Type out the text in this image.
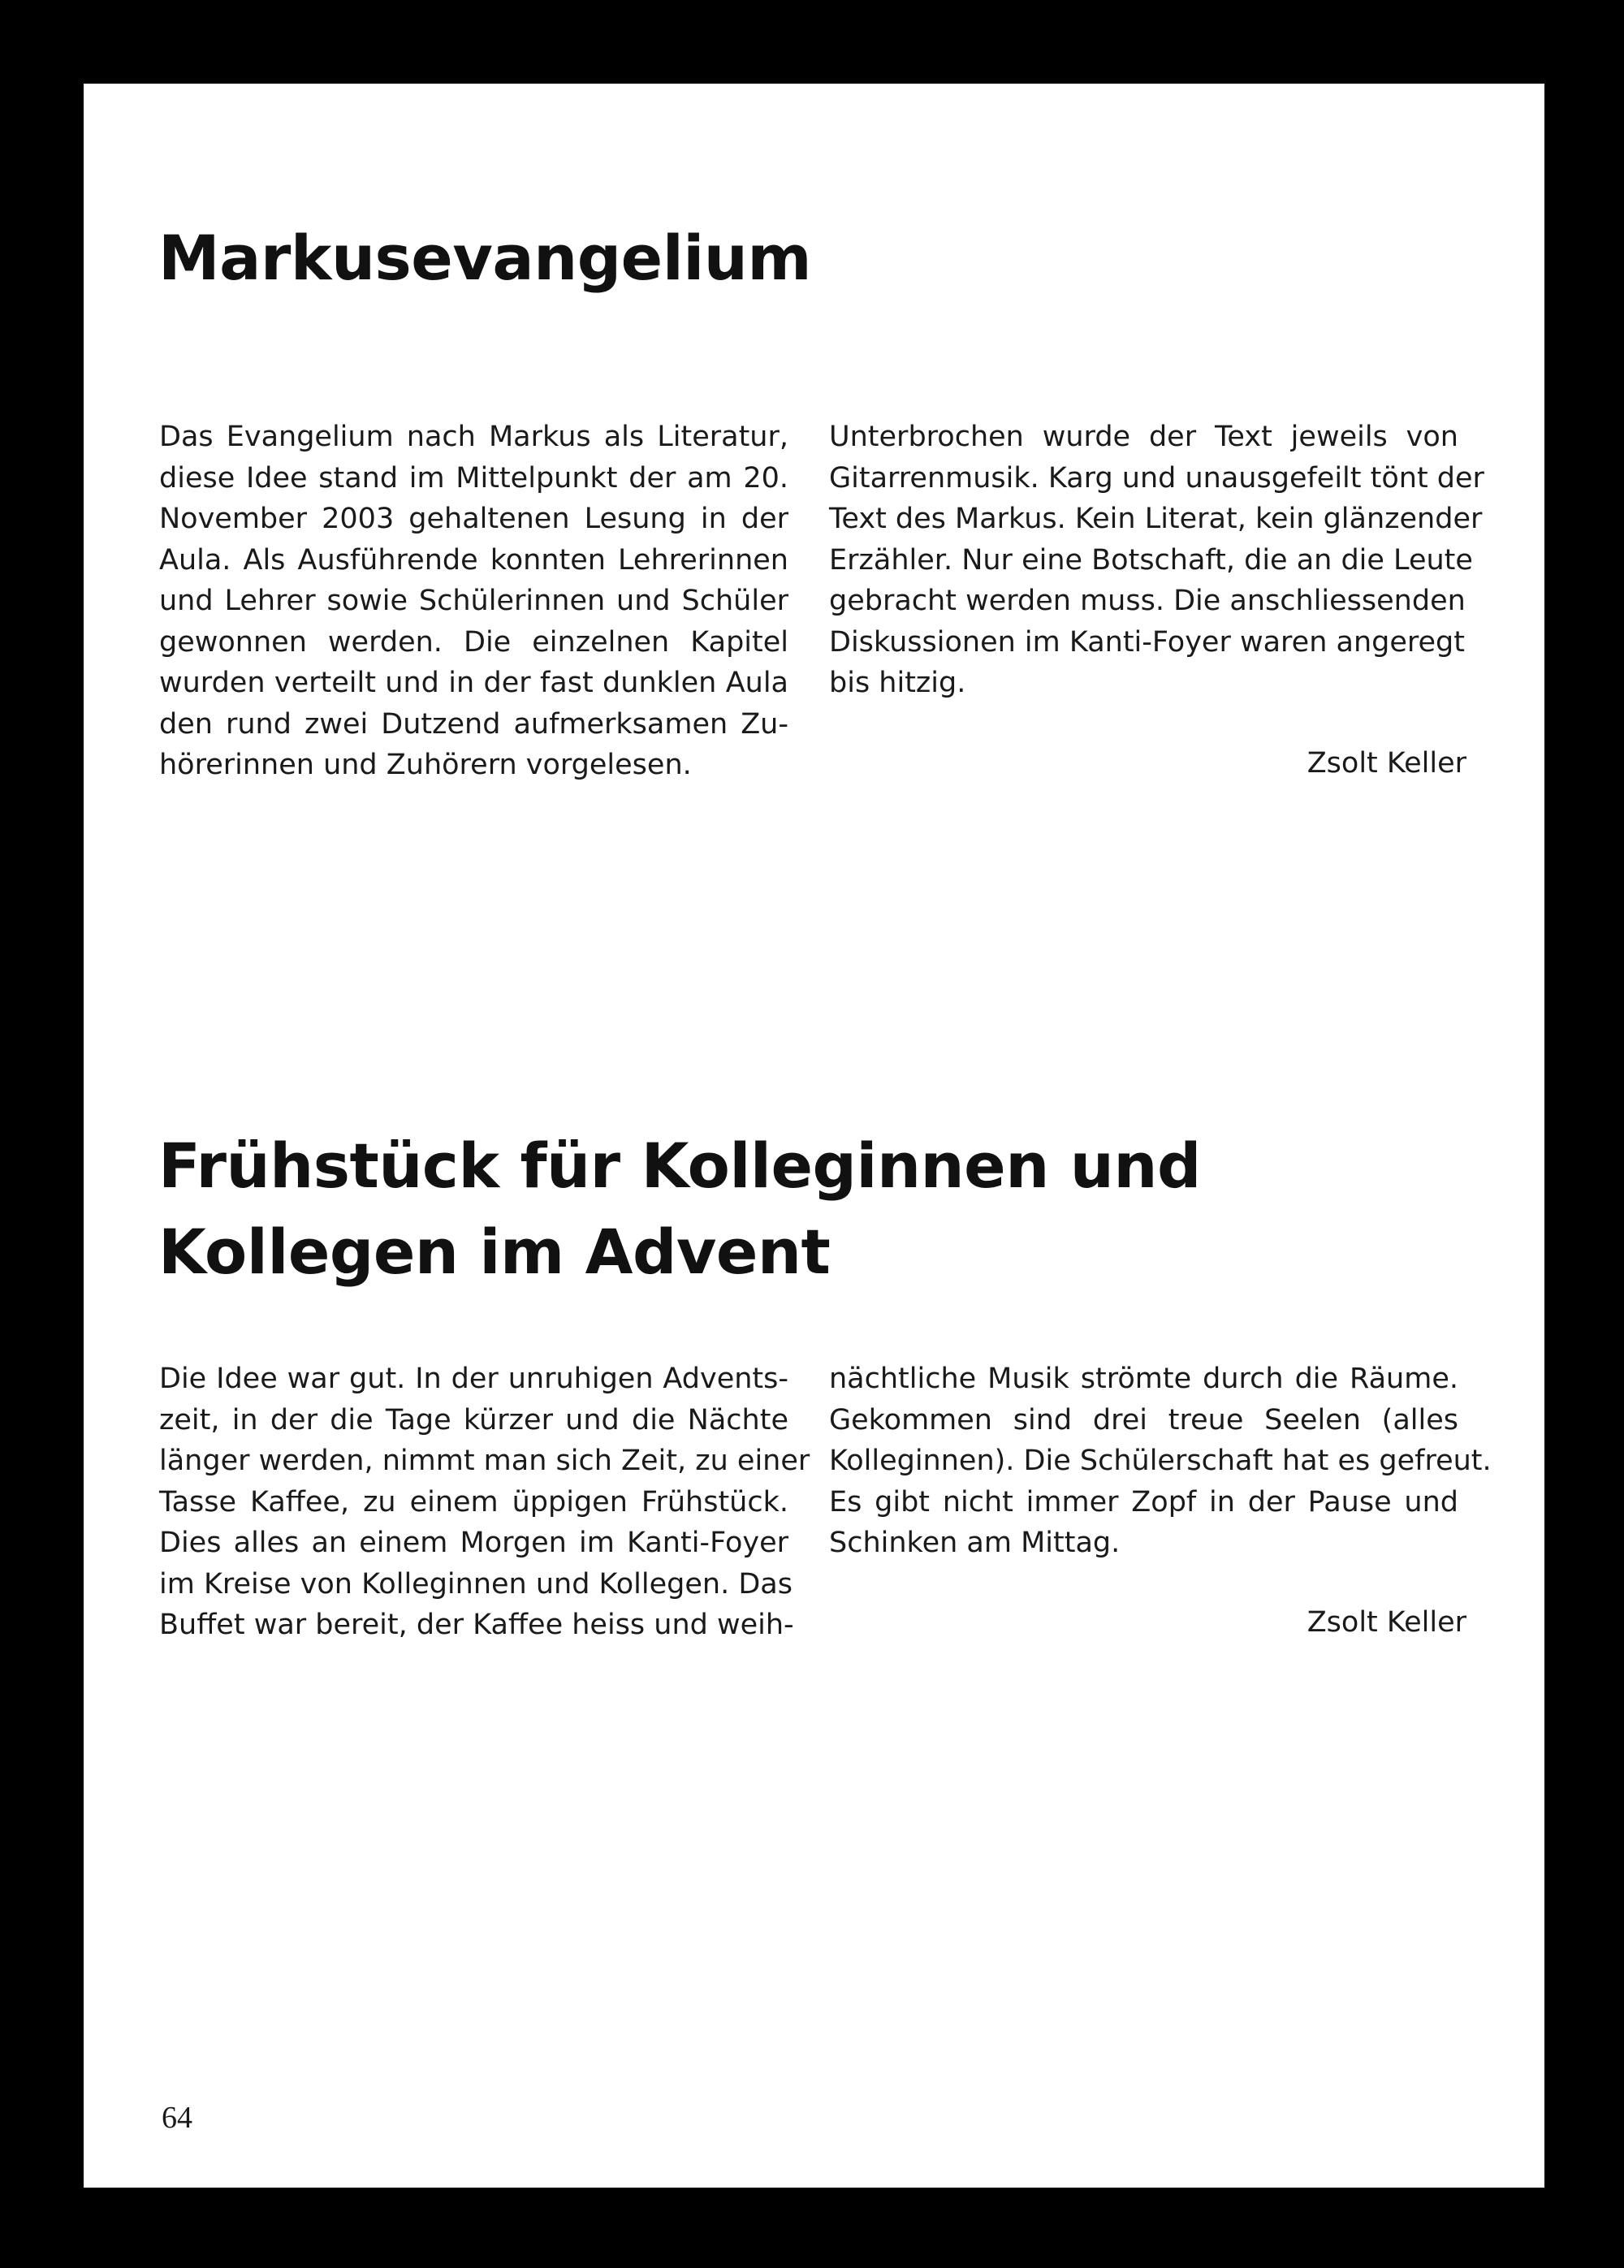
Markusevangelium
Das Evangelium nach Markus als Literatur,
diese Idee stand im Mittelpunkt der am 20.
November 2003 gehaltenen Lesung in der
Aula. Als Ausführende konnten Lehrerinnen
und Lehrer sowie Schülerinnen und Schüler
gewonnen werden. Die einzelnen Kapitel
wurden verteilt und in der fast dunklen Aula
den rund zwei Dutzend aufmerksamen Zu-
hörerinnen und Zuhörern vorgelesen.
Unterbrochen wurde der Text jeweils von
Gitarrenmusik. Karg und unausgefeilt tönt der
Text des Markus. Kein Literat, kein glänzender
Erzähler. Nur eine Botschaft, die an die Leute
gebracht werden muss. Die anschliessenden
Diskussionen im Kanti-Foyer waren angeregt
bis hitzig.
Zsolt Keller
Frühstück für Kolleginnen und
Kollegen im Advent
Die Idee war gut. In der unruhigen Advents-
zeit, in der die Tage kürzer und die Nächte
länger werden, nimmt man sich Zeit, zu einer
Tasse Kaffee, zu einem üppigen Frühstück.
Dies alles an einem Morgen im Kanti-Foyer
im Kreise von Kolleginnen und Kollegen. Das
Buffet war bereit, der Kaffee heiss und weih-
nächtliche Musik strömte durch die Räume.
Gekommen sind drei treue Seelen (alles
Kolleginnen). Die Schülerschaft hat es gefreut.
Es gibt nicht immer Zopf in der Pause und
Schinken am Mittag.
Zsolt Keller
64
